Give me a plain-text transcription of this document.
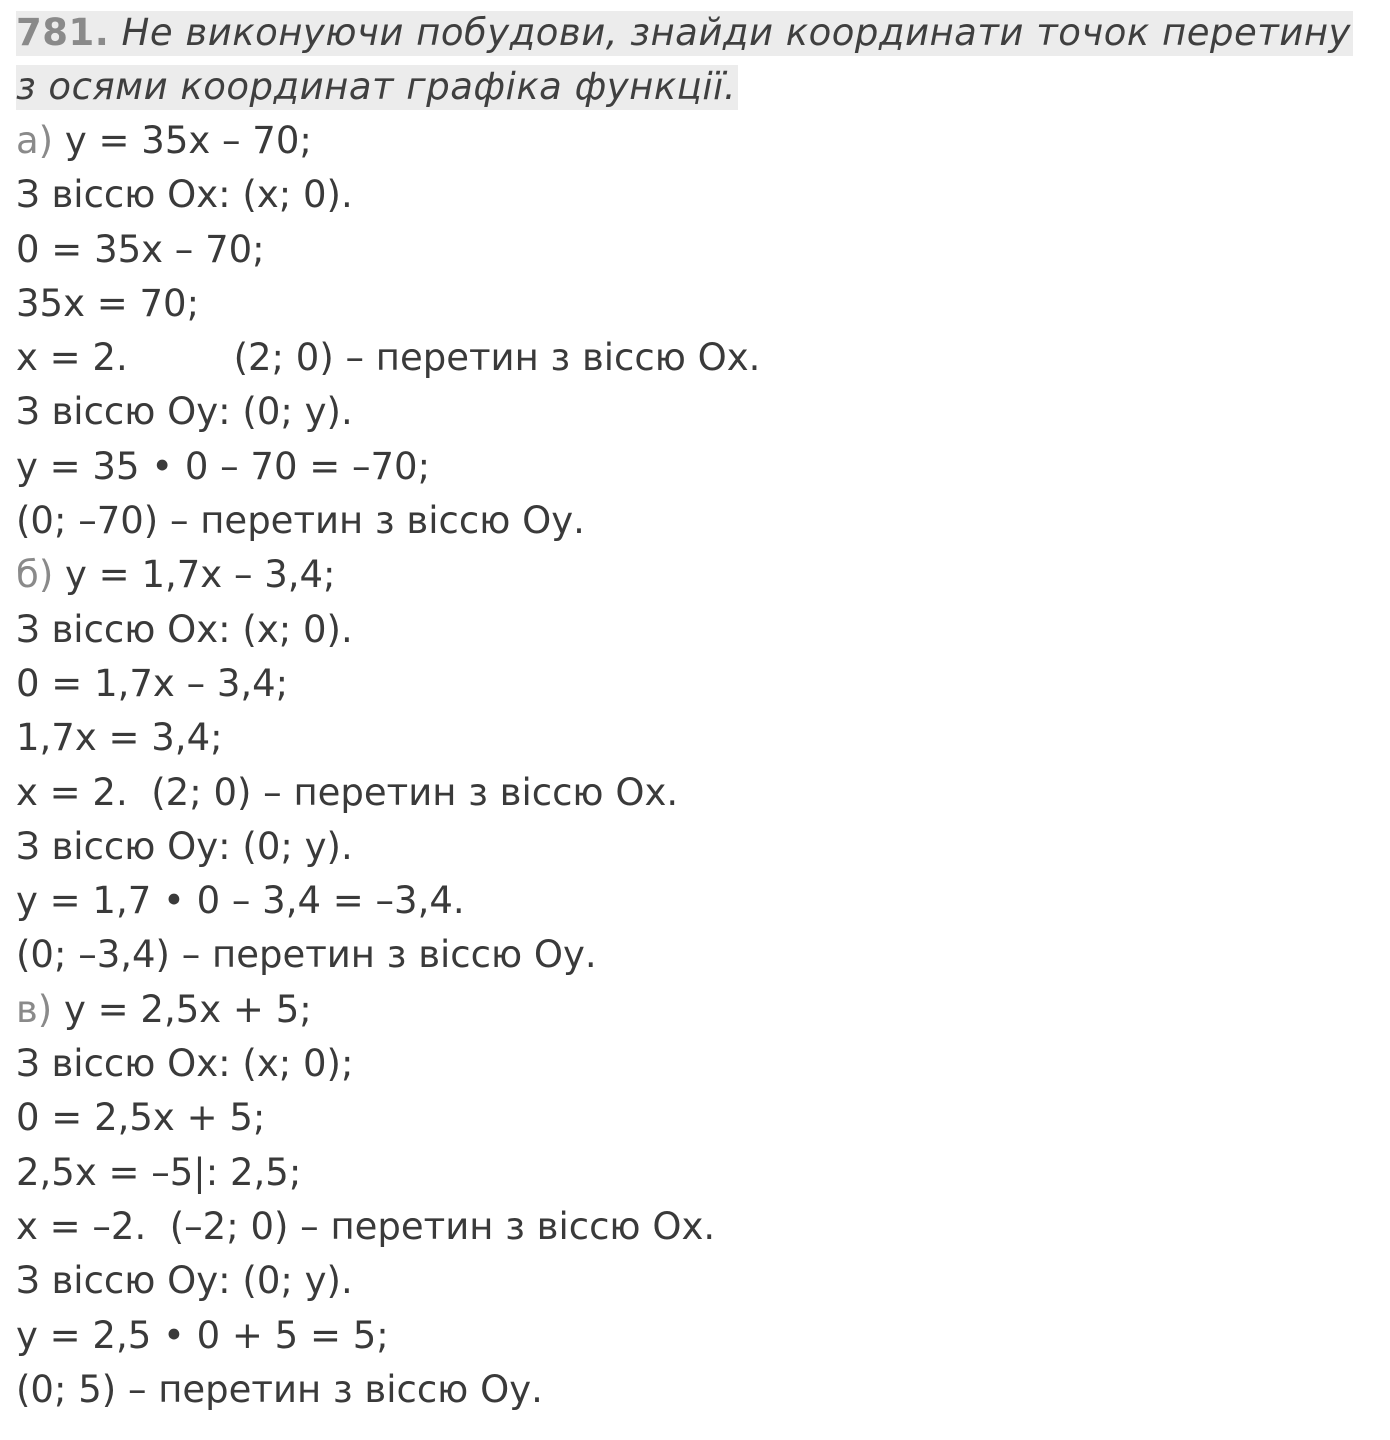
781. Не виконуючи побудови, знайди координати точок перетину з осями координат графіка функції.
а) y = 35x – 70;
З віссю Ох: (х; 0).
0 = 35х – 70;
35х = 70;
х = 2.         (2; 0) – перетин з віссю Ох.
З віссю Оу: (0; у).
у = 35 • 0 – 70 = –70;
(0; –70) – перетин з віссю Оу.
б) у = 1,7х – 3,4;
З віссю Ох: (х; 0).
0 = 1,7х – 3,4;
1,7х = 3,4;
х = 2.  (2; 0) – перетин з віссю Ох.
З віссю Оу: (0; у).
у = 1,7 • 0 – 3,4 = –3,4.
(0; –3,4) – перетин з віссю Оу.
в) у = 2,5х + 5;
З віссю Ох: (х; 0);
0 = 2,5х + 5;
2,5х = –5|: 2,5;
х = –2.  (–2; 0) – перетин з віссю Ох.
З віссю Оу: (0; у).
у = 2,5 • 0 + 5 = 5;
(0; 5) – перетин з віссю Оу.
